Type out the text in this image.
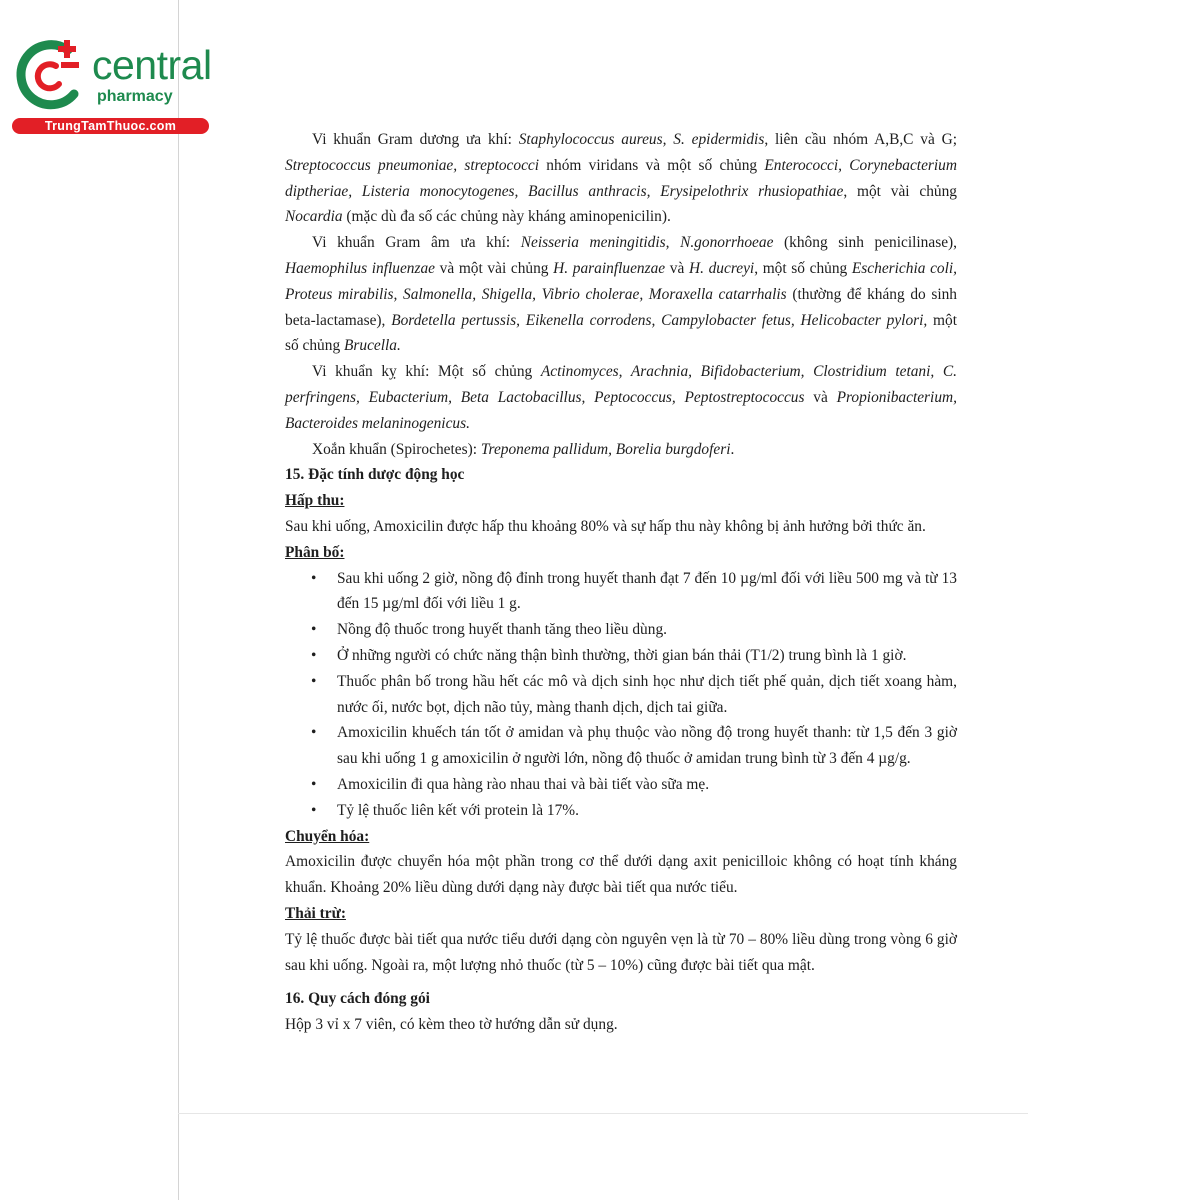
central
pharmacy
TrungTamThuoc.com

Vi khuẩn Gram dương ưa khí: Staphylococcus aureus, S. epidermidis, liên cầu nhóm A,B,C và G; Streptococcus pneumoniae, streptococci nhóm viridans và một số chủng Enterococci, Corynebacterium diptheriae, Listeria monocytogenes, Bacillus anthracis, Erysipelothrix rhusiopathiae, một vài chủng Nocardia (mặc dù đa số các chủng này kháng aminopenicilin).

Vi khuẩn Gram âm ưa khí: Neisseria meningitidis, N.gonorrhoeae (không sinh penicilinase), Haemophilus influenzae và một vài chủng H. parainfluenzae và H. ducreyi, một số chủng Escherichia coli, Proteus mirabilis, Salmonella, Shigella, Vibrio cholerae, Moraxella catarrhalis (thường để kháng do sinh beta-lactamase), Bordetella pertussis, Eikenella corrodens, Campylobacter fetus, Helicobacter pylori, một số chủng Brucella.

Vi khuẩn kỵ khí: Một số chủng Actinomyces, Arachnia, Bifidobacterium, Clostridium tetani, C. perfringens, Eubacterium, Beta Lactobacillus, Peptococcus, Peptostreptococcus và Propionibacterium, Bacteroides melaninogenicus.

Xoắn khuẩn (Spirochetes): Treponema pallidum, Borelia burgdoferi.

15. Đặc tính dược động học
Hấp thu:

Sau khi uống, Amoxicilin được hấp thu khoảng 80% và sự hấp thu này không bị ảnh hưởng bởi thức ăn.

Phân bố:
• Sau khi uống 2 giờ, nồng độ đỉnh trong huyết thanh đạt 7 đến 10 µg/ml đối với liều 500 mg và từ 13 đến 15 µg/ml đối với liều 1 g.
• Nồng độ thuốc trong huyết thanh tăng theo liều dùng.
• Ở những người có chức năng thận bình thường, thời gian bán thải (T1/2) trung bình là 1 giờ.
• Thuốc phân bố trong hầu hết các mô và dịch sinh học như dịch tiết phế quản, dịch tiết xoang hàm, nước ối, nước bọt, dịch não tủy, màng thanh dịch, dịch tai giữa.
• Amoxicilin khuếch tán tốt ở amidan và phụ thuộc vào nồng độ trong huyết thanh: từ 1,5 đến 3 giờ sau khi uống 1 g amoxicilin ở người lớn, nồng độ thuốc ở amidan trung bình từ 3 đến 4 µg/g.
• Amoxicilin đi qua hàng rào nhau thai và bài tiết vào sữa mẹ.
• Tỷ lệ thuốc liên kết với protein là 17%.
Chuyển hóa:

Amoxicilin được chuyển hóa một phần trong cơ thể dưới dạng axit penicilloic không có hoạt tính kháng khuẩn. Khoảng 20% liều dùng dưới dạng này được bài tiết qua nước tiểu.

Thải trừ:

Tỷ lệ thuốc được bài tiết qua nước tiểu dưới dạng còn nguyên vẹn là từ 70 – 80% liều dùng trong vòng 6 giờ sau khi uống. Ngoài ra, một lượng nhỏ thuốc (từ 5 – 10%) cũng được bài tiết qua mật.

16. Quy cách đóng gói

Hộp 3 vỉ x 7 viên, có kèm theo tờ hướng dẫn sử dụng.
